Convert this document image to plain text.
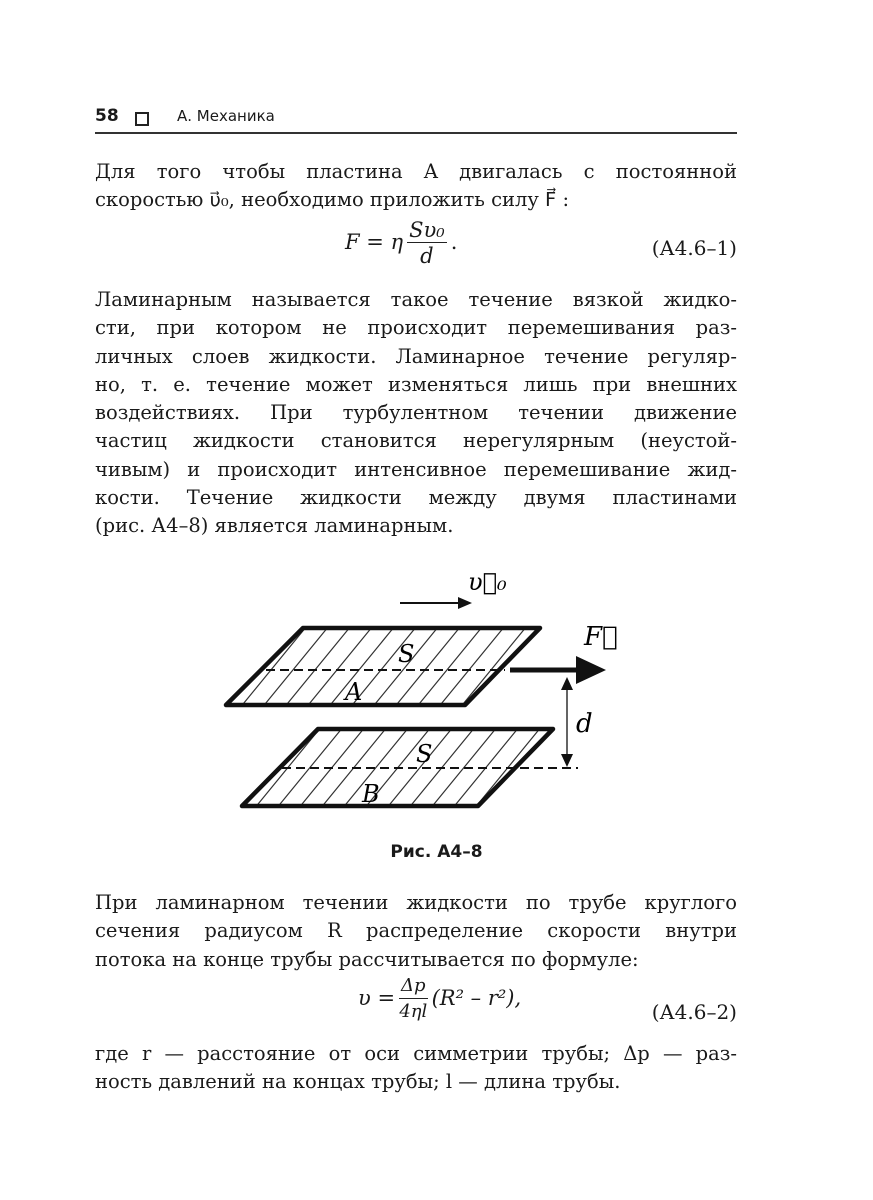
58	А. Механика
Для того чтобы пластина A двигалась с постоянной
скоростью υ⃗₀, необходимо приложить силу F⃗ :
F = η $\frac{\text{Sυ₀}}{d}$ .	(А4.6–1)
Ламинарным называется такое течение вязкой жидко-
сти, при котором не происходит перемешивания раз-
личных слоев жидкости. Ламинарное течение регуляр-
но, т. е. течение может изменяться лишь при внешних
воздействиях. При турбулентном течении движение
частиц жидкости становится нерегулярным (неустой-
чивым) и происходит интенсивное перемешивание жид-
кости. Течение жидкости между двумя пластинами
(рис. А4–8) является ламинарным.
υ⃗₀
F⃗
S
A
S
B
d
Рис. А4–8
При ламинарном течении жидкости по трубе круглого
сечения радиусом R распределение скорости внутри
потока на конце трубы рассчитывается по формуле:
$\upsilon = \frac{\Delta p}{4\eta l} (R^2 - r^2)$,
(А4.6–2)
где r — расстояние от оси симметрии трубы; Δp — раз-
ность давлений на концах трубы; l — длина трубы.
